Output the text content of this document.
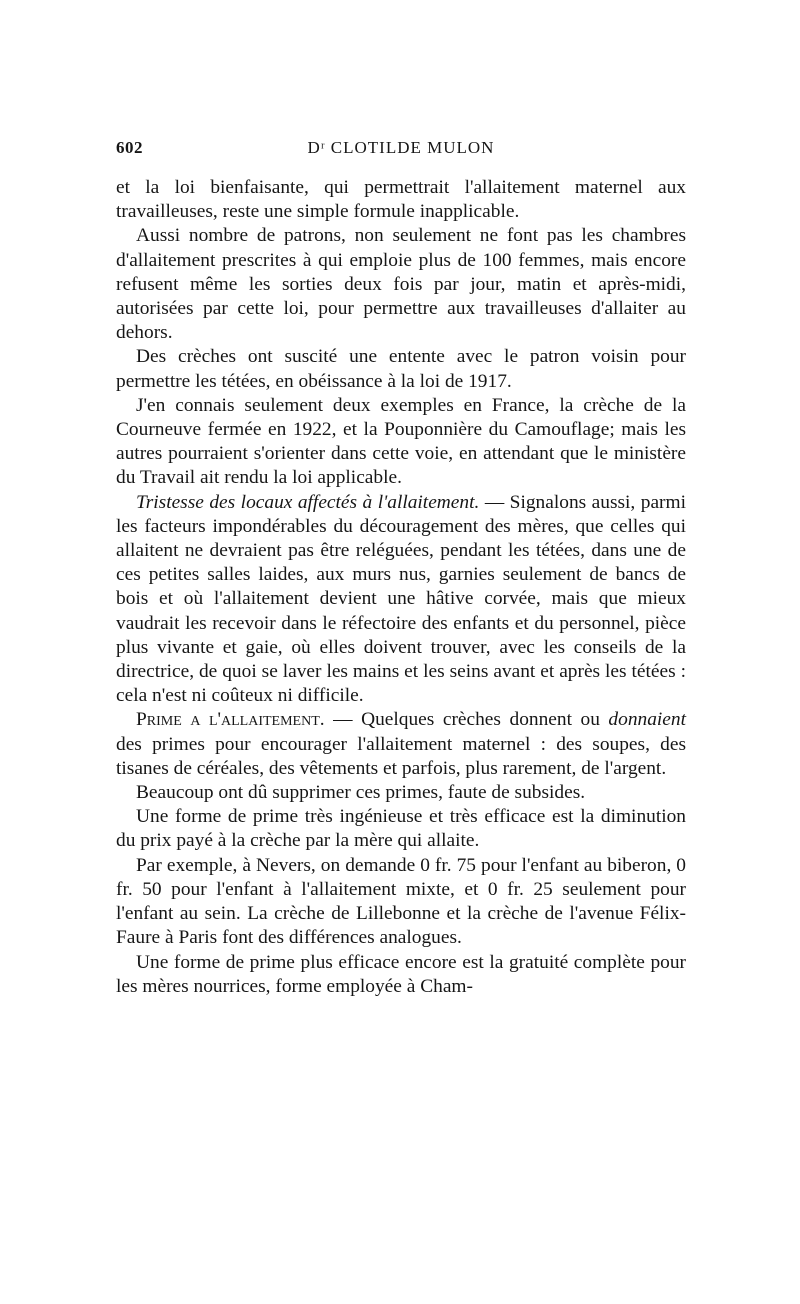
602	Dʳ CLOTILDE MULON

et la loi bienfaisante, qui permettrait l'allaitement maternel aux travailleuses, reste une simple formule inapplicable.

Aussi nombre de patrons, non seulement ne font pas les chambres d'allaitement prescrites à qui emploie plus de 100 femmes, mais encore refusent même les sorties deux fois par jour, matin et après-midi, autorisées par cette loi, pour permettre aux travailleuses d'allaiter au dehors.

Des crèches ont suscité une entente avec le patron voisin pour permettre les tétées, en obéissance à la loi de 1917.

J'en connais seulement deux exemples en France, la crèche de la Courneuve fermée en 1922, et la Pouponnière du Camouflage; mais les autres pourraient s'orienter dans cette voie, en attendant que le ministère du Travail ait rendu la loi applicable.

Tristesse des locaux affectés à l'allaitement. — Signalons aussi, parmi les facteurs impondérables du découragement des mères, que celles qui allaitent ne devraient pas être reléguées, pendant les tétées, dans une de ces petites salles laides, aux murs nus, garnies seulement de bancs de bois et où l'allaitement devient une hâtive corvée, mais que mieux vaudrait les recevoir dans le réfectoire des enfants et du personnel, pièce plus vivante et gaie, où elles doivent trouver, avec les conseils de la directrice, de quoi se laver les mains et les seins avant et après les tétées : cela n'est ni coûteux ni difficile.

Prime a l'allaitement. — Quelques crèches donnent ou donnaient des primes pour encourager l'allaitement maternel : des soupes, des tisanes de céréales, des vêtements et parfois, plus rarement, de l'argent.

Beaucoup ont dû supprimer ces primes, faute de subsides.

Une forme de prime très ingénieuse et très efficace est la diminution du prix payé à la crèche par la mère qui allaite.

Par exemple, à Nevers, on demande 0 fr. 75 pour l'enfant au biberon, 0 fr. 50 pour l'enfant à l'allaitement mixte, et 0 fr. 25 seulement pour l'enfant au sein. La crèche de Lillebonne et la crèche de l'avenue Félix-Faure à Paris font des différences analogues.

Une forme de prime plus efficace encore est la gratuité complète pour les mères nourrices, forme employée à Cham-
